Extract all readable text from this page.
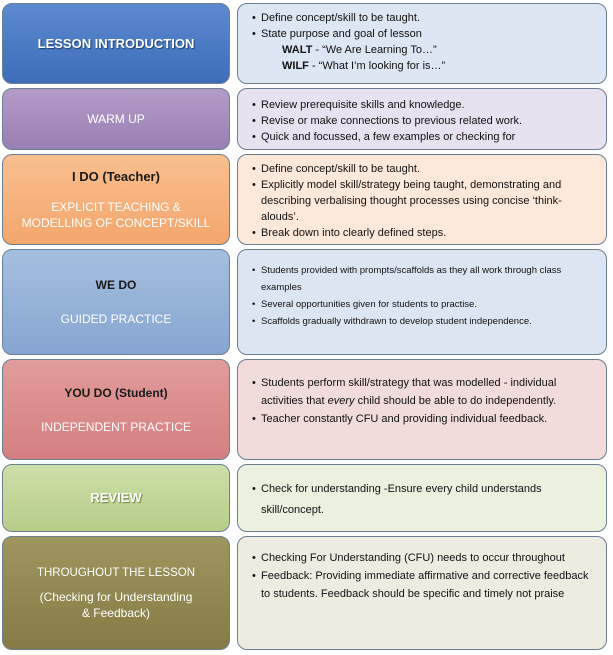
LESSON INTRODUCTION
• Define concept/skill to be taught.
• State purpose and goal of lesson
WALT - “We Are Learning To…”
WILF - “What I’m looking for is…”
WARM UP
• Review prerequisite skills and knowledge.
• Revise or make connections to previous related work.
• Quick and focussed, a few examples or checking for
I DO (Teacher)
EXPLICIT TEACHING &
MODELLING OF CONCEPT/SKILL
• Define concept/skill to be taught.
• Explicitly model skill/strategy being taught, demonstrating and describing verbalising thought processes using concise ‘think-alouds’.
• Break down into clearly defined steps.
WE DO
GUIDED PRACTICE
• Students provided with prompts/scaffolds as they all work through class examples
• Several opportunities given for students to practise.
• Scaffolds gradually withdrawn to develop student independence.
YOU DO (Student)
INDEPENDENT PRACTICE
• Students perform skill/strategy that was modelled - individual activities that every child should be able to do independently.
• Teacher constantly CFU and providing individual feedback.
REVIEW
• Check for understanding -Ensure every child understands skill/concept.
THROUGHOUT THE LESSON
(Checking for Understanding
& Feedback)
• Checking For Understanding (CFU) needs to occur throughout
• Feedback: Providing immediate affirmative and corrective feedback to students. Feedback should be specific and timely not praise
